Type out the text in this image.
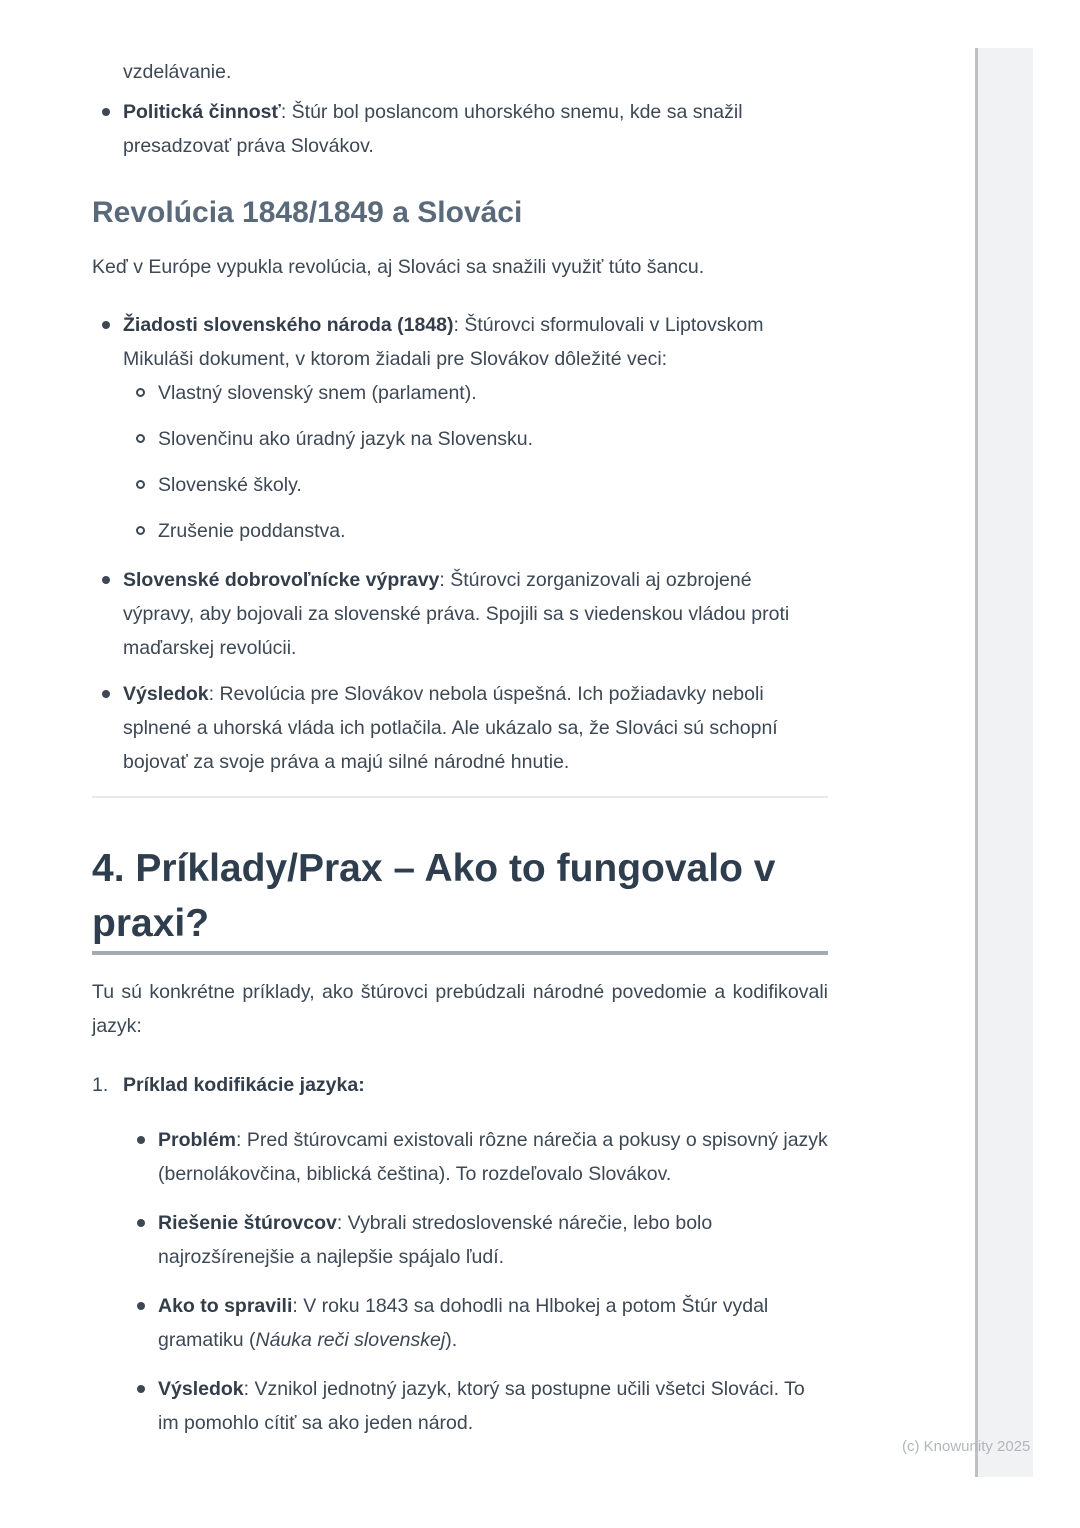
vzdelávanie.

Politická činnosť: Štúr bol poslancom uhorského snemu, kde sa snažil presadzovať práva Slovákov.
Revolúcia 1848/1849 a Slováci

Keď v Európe vypukla revolúcia, aj Slováci sa snažili využiť túto šancu.

Žiadosti slovenského národa (1848): Štúrovci sformulovali v Liptovskom Mikuláši dokument, v ktorom žiadali pre Slovákov dôležité veci:
Vlastný slovenský snem (parlament).
Slovenčinu ako úradný jazyk na Slovensku.
Slovenské školy.
Zrušenie poddanstva.
Slovenské dobrovoľnícke výpravy: Štúrovci zorganizovali aj ozbrojené výpravy, aby bojovali za slovenské práva. Spojili sa s viedenskou vládou proti maďarskej revolúcii.
Výsledok: Revolúcia pre Slovákov nebola úspešná. Ich požiadavky neboli splnené a uhorská vláda ich potlačila. Ale ukázalo sa, že Slováci sú schopní bojovať za svoje práva a majú silné národné hnutie.
4. Príklady/Prax – Ako to fungovalo v praxi?

Tu sú konkrétne príklady, ako štúrovci prebúdzali národné povedomie a kodifikovali jazyk:

1. Príklad kodifikácie jazyka:
Problém: Pred štúrovcami existovali rôzne nárečia a pokusy o spisovný jazyk (bernolákovčina, biblická čeština). To rozdeľovalo Slovákov.
Riešenie štúrovcov: Vybrali stredoslovenské nárečie, lebo bolo najrozšírenejšie a najlepšie spájalo ľudí.
Ako to spravili: V roku 1843 sa dohodli na Hlbokej a potom Štúr vydal gramatiku (Náuka reči slovenskej).
Výsledok: Vznikol jednotný jazyk, ktorý sa postupne učili všetci Slováci. To im pomohlo cítiť sa ako jeden národ.
(c) Knowunity 2025
